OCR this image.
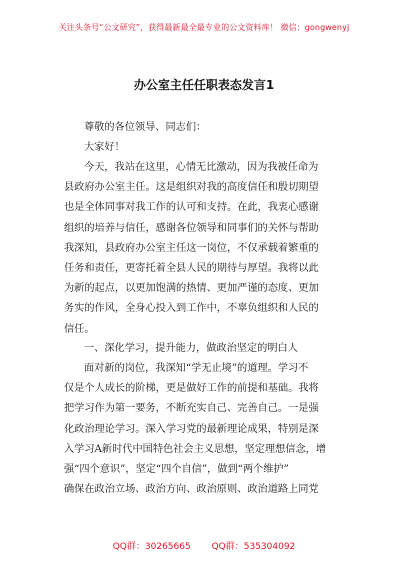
关注头条号“公文研究”，获得最新最全最专业的公文资料库！ 微信：gongwenyj
办公室主任任职表态发言1
尊敬的各位领导、同志们：
大家好！
今天，我站在这里，心情无比激动，因为我被任命为
县政府办公室主任。这是组织对我的高度信任和殷切期望
也是全体同事对我工作的认可和支持。在此，我衷心感谢
组织的培养与信任，感谢各位领导和同事们的关怀与帮助
我深知，县政府办公室主任这一岗位，不仅承载着繁重的
任务和责任，更寄托着全县人民的期待与厚望。我将以此
为新的起点，以更加饱满的热情、更加严谨的态度、更加
务实的作风，全身心投入到工作中，不辜负组织和人民的
信任。
一、深化学习，提升能力，做政治坚定的明白人
面对新的岗位，我深知“学无止境”的道理。学习不
仅是个人成长的阶梯，更是做好工作的前提和基础。我将
把学习作为第一要务，不断充实自己、完善自己。一是强
化政治理论学习。深入学习党的最新理论成果，特别是深
入学习A新时代中国特色社会主义思想，坚定理想信念，增
强“四个意识”，坚定“四个自信”，做到“两个维护”
确保在政治立场、政治方向、政治原则、政治道路上同党
QQ群：30265665 QQ群：535304092
